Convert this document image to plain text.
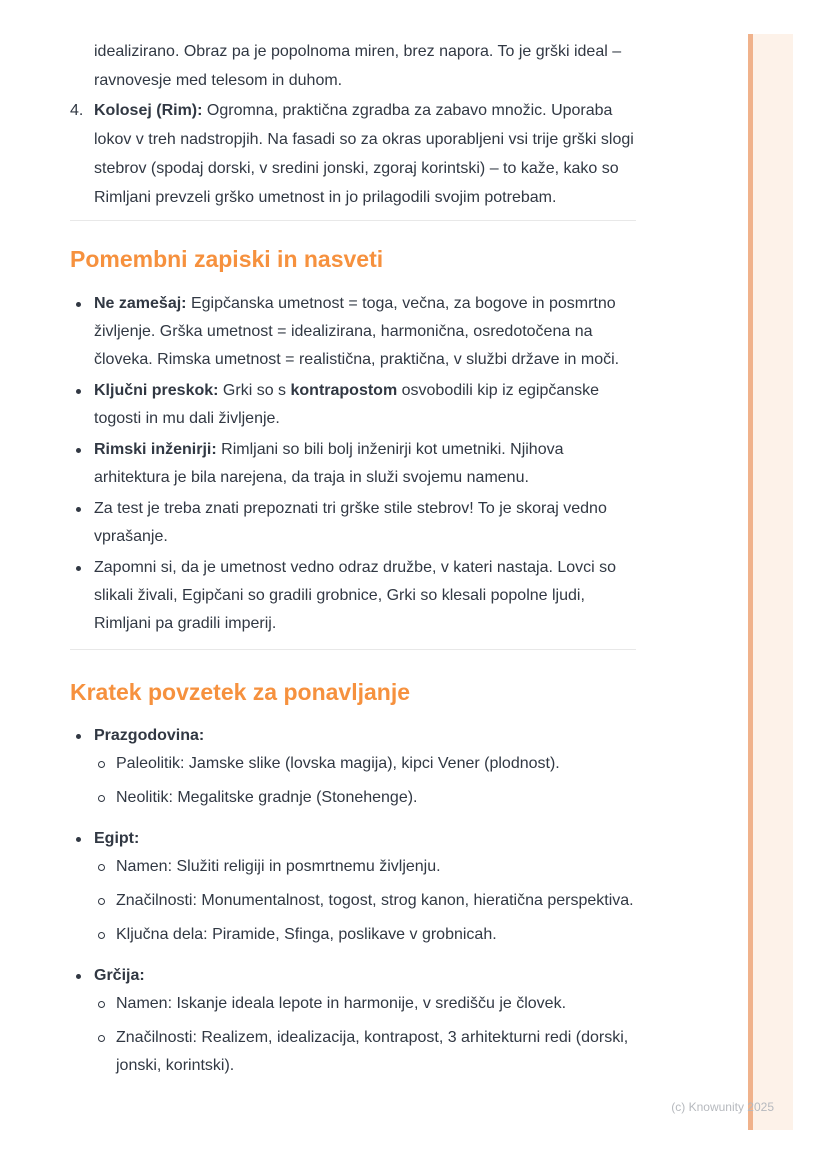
idealizirano. Obraz pa je popolnoma miren, brez napora. To je grški ideal – ravnovesje med telesom in duhom.

4. Kolosej (Rim): Ogromna, praktična zgradba za zabavo množic. Uporaba lokov v treh nadstropjih. Na fasadi so za okras uporabljeni vsi trije grški slogi stebrov (spodaj dorski, v sredini jonski, zgoraj korintski) – to kaže, kako so Rimljani prevzeli grško umetnost in jo prilagodili svojim potrebam.
Pomembni zapiski in nasveti
Ne zamešaj: Egipčanska umetnost = toga, večna, za bogove in posmrtno življenje. Grška umetnost = idealizirana, harmonična, osredotočena na človeka. Rimska umetnost = realistična, praktična, v službi države in moči.
Ključni preskok: Grki so s kontrapostom osvobodili kip iz egipčanske togosti in mu dali življenje.
Rimski inženirji: Rimljani so bili bolj inženirji kot umetniki. Njihova arhitektura je bila narejena, da traja in služi svojemu namenu.
Za test je treba znati prepoznati tri grške stile stebrov! To je skoraj vedno vprašanje.
Zapomni si, da je umetnost vedno odraz družbe, v kateri nastaja. Lovci so slikali živali, Egipčani so gradili grobnice, Grki so klesali popolne ljudi, Rimljani pa gradili imperij.
Kratek povzetek za ponavljanje
Prazgodovina:
Paleolitik: Jamske slike (lovska magija), kipci Vener (plodnost).
Neolitik: Megalitske gradnje (Stonehenge).
Egipt:
Namen: Služiti religiji in posmrtnemu življenju.
Značilnosti: Monumentalnost, togost, strog kanon, hieratična perspektiva.
Ključna dela: Piramide, Sfinga, poslikave v grobnicah.
Grčija:
Namen: Iskanje ideala lepote in harmonije, v središču je človek.
Značilnosti: Realizem, idealizacija, kontrapost, 3 arhitekturni redi (dorski, jonski, korintski).
(c) Knowunity 2025
